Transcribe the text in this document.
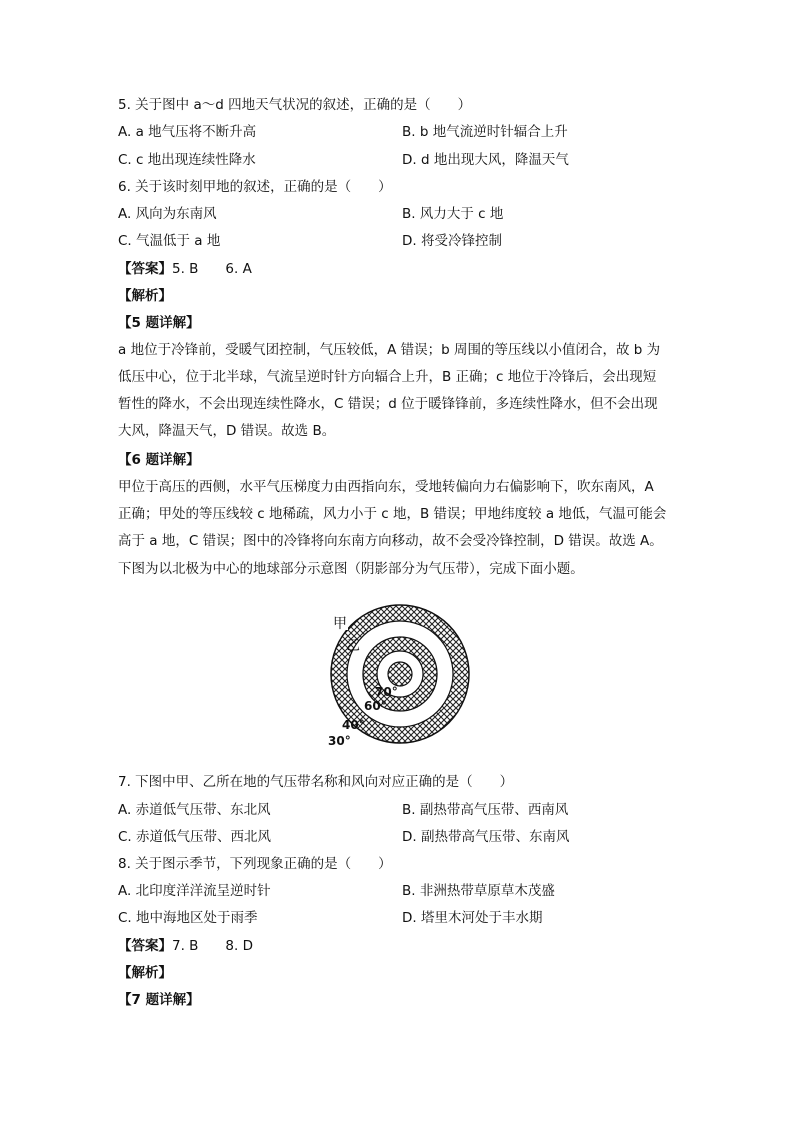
5. 关于图中 a～d 四地天气状况的叙述，正确的是（　　）
A. a 地气压将不断升高	B. b 地气流逆时针辐合上升
C. c 地出现连续性降水	D. d 地出现大风，降温天气
6. 关于该时刻甲地的叙述，正确的是（　　）
A. 风向为东南风	B. 风力大于 c 地
C. 气温低于 a 地	D. 将受冷锋控制
【答案】5. B　　6. A
【解析】
【5 题详解】
a 地位于冷锋前，受暖气团控制，气压较低，A 错误；b 周围的等压线以小值闭合，故 b 为
低压中心，位于北半球，气流呈逆时针方向辐合上升，B 正确；c 地位于冷锋后，会出现短
暂性的降水，不会出现连续性降水，C 错误；d 位于暖锋锋前，多连续性降水，但不会出现
大风，降温天气，D 错误。故选 B。
【6 题详解】
甲位于高压的西侧，水平气压梯度力由西指向东，受地转偏向力右偏影响下，吹东南风，A
正确；甲处的等压线较 c 地稀疏，风力小于 c 地，B 错误；甲地纬度较 a 地低，气温可能会
高于 a 地，C 错误；图中的冷锋将向东南方向移动，故不会受冷锋控制，D 错误。故选 A。
下图为以北极为中心的地球部分示意图（阴影部分为气压带），完成下面小题。
甲
乙
70°
60°
40°
30°
7. 下图中甲、乙所在地的气压带名称和风向对应正确的是（　　）
A. 赤道低气压带、东北风	B. 副热带高气压带、西南风
C. 赤道低气压带、西北风	D. 副热带高气压带、东南风
8. 关于图示季节，下列现象正确的是（　　）
A. 北印度洋洋流呈逆时针	B. 非洲热带草原草木茂盛
C. 地中海地区处于雨季	D. 塔里木河处于丰水期
【答案】7. B　　8. D
【解析】
【7 题详解】
